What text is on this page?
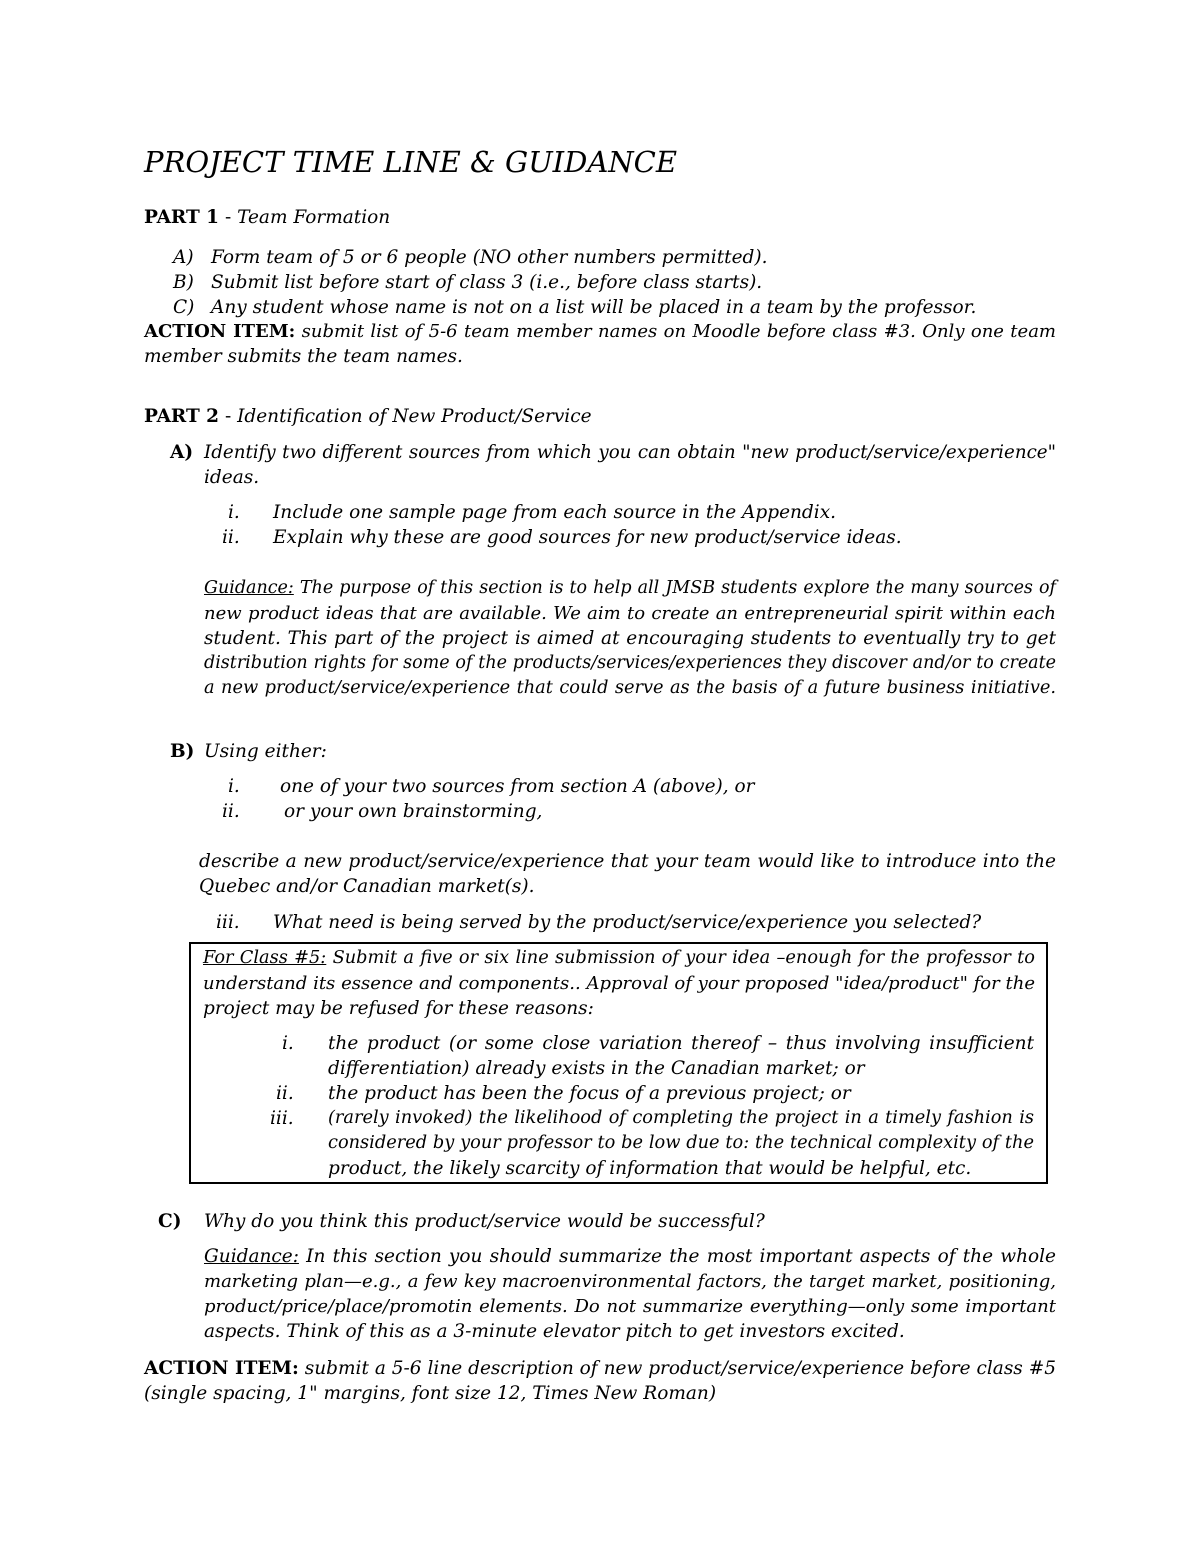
PROJECT TIME LINE & GUIDANCE
PART 1 - Team Formation
A) Form team of 5 or 6 people (NO other numbers permitted).
B) Submit list before start of class 3 (i.e., before class starts).
C) Any student whose name is not on a list will be placed in a team by the professor.
ACTION ITEM: submit list of 5-6 team member names on Moodle before class #3. Only one team
member submits the team names.
PART 2 - Identification of New Product/Service
A) Identify two different sources from which you can obtain "new product/service/experience"
ideas.
i. Include one sample page from each source in the Appendix.
ii. Explain why these are good sources for new product/service ideas.
Guidance: The purpose of this section is to help all JMSB students explore the many sources of
new product ideas that are available. We aim to create an entrepreneurial spirit within each
student. This part of the project is aimed at encouraging students to eventually try to get
distribution rights for some of the products/services/experiences they discover and/or to create
a new product/service/experience that could serve as the basis of a future business initiative.
B) Using either:
i. one of your two sources from section A (above), or
ii. or your own brainstorming,
describe a new product/service/experience that your team would like to introduce into the
Quebec and/or Canadian market(s).
iii. What need is being served by the product/service/experience you selected?
For Class #5: Submit a five or six line submission of your idea –enough for the professor to
understand its essence and components.. Approval of your proposed "idea/product" for the
project may be refused for these reasons:
i. the product (or some close variation thereof – thus involving insufficient
differentiation) already exists in the Canadian market; or
ii. the product has been the focus of a previous project; or
iii. (rarely invoked) the likelihood of completing the project in a timely fashion is
considered by your professor to be low due to: the technical complexity of the
product, the likely scarcity of information that would be helpful, etc.
C) Why do you think this product/service would be successful?
Guidance: In this section you should summarize the most important aspects of the whole
marketing plan—e.g., a few key macroenvironmental factors, the target market, positioning,
product/price/place/promotin elements. Do not summarize everything—only some important
aspects. Think of this as a 3-minute elevator pitch to get investors excited.
ACTION ITEM: submit a 5-6 line description of new product/service/experience before class #5
(single spacing, 1" margins, font size 12, Times New Roman)
